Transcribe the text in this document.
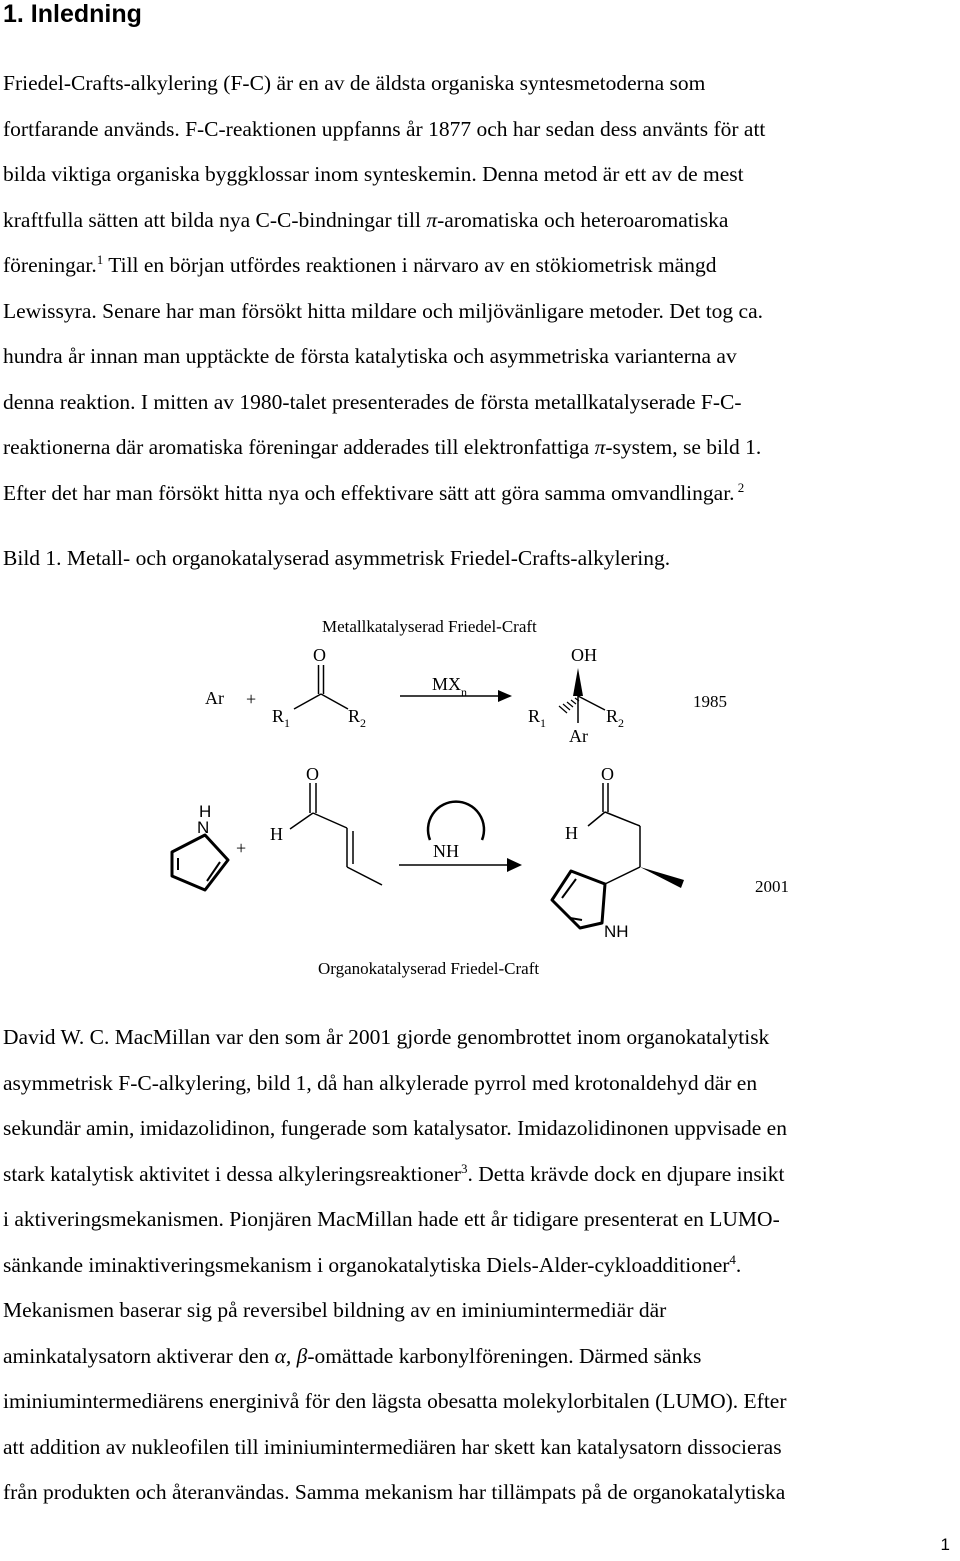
1. Inledning
Friedel-Crafts-alkylering (F-C) är en av de äldsta organiska syntesmetoderna som
fortfarande används. F-C-reaktionen uppfanns år 1877 och har sedan dess använts för att
bilda viktiga organiska byggklossar inom synteskemin. Denna metod är ett av de mest
kraftfulla sätten att bilda nya C-C-bindningar till π-aromatiska och heteroaromatiska
föreningar.$^1$ Till en början utfördes reaktionen i närvaro av en stökiometrisk mängd
Lewissyra. Senare har man försökt hitta mildare och miljövänligare metoder. Det tog ca.
hundra år innan man upptäckte de första katalytiska och asymmetriska varianterna av
denna reaktion. I mitten av 1980-talet presenterades de första metallkatalyserade F-C-
reaktionerna där aromatiska föreningar adderades till elektronfattiga π-system, se bild 1.
Efter det har man försökt hitta nya och effektivare sätt att göra samma omvandlingar. $^2$
Bild 1. Metall- och organokatalyserad asymmetrisk Friedel-Crafts-alkylering.
Metallkatalyserad Friedel-Craft
Ar +
O
$R_1$	$R_2$
$MX_n$
OH
$R_1$	$R_2$
Ar
1985
H
N
+
O
H
NH
NH
H
O
2001
Organokatalyserad Friedel-Craft
David W. C. MacMillan var den som år 2001 gjorde genombrottet inom organokatalytisk
asymmetrisk F-C-alkylering, bild 1, då han alkylerade pyrrol med krotonaldehyd där en
sekundär amin, imidazolidinon, fungerade som katalysator. Imidazolidinonen uppvisade en
stark katalytisk aktivitet i dessa alkyleringsreaktioner$^3$. Detta krävde dock en djupare insikt
i aktiveringsmekanismen. Pionjären MacMillan hade ett år tidigare presenterat en LUMO-
sänkande iminaktiveringsmekanism i organokatalytiska Diels-Alder-cykloadditioner$^4$.
Mekanismen baserar sig på reversibel bildning av en iminiumintermediär där
aminkatalysatorn aktiverar den α, β-omättade karbonylföreningen. Därmed sänks
iminiumintermediärens energinivå för den lägsta obesatta molekylorbitalen (LUMO). Efter
att addition av nukleofilen till iminiumintermediären har skett kan katalysatorn dissocieras
från produkten och återanvändas. Samma mekanism har tillämpats på de organokatalytiska
1
